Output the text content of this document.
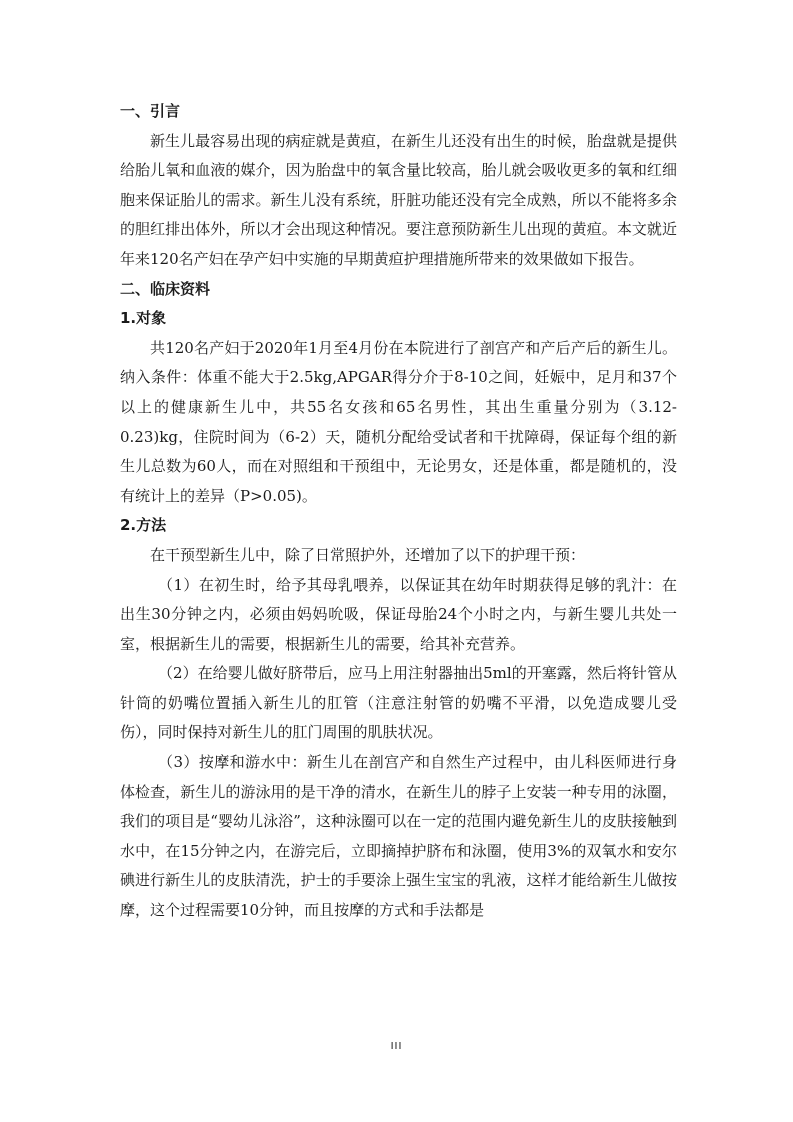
一、引言

新生儿最容易出现的病症就是黄疸，在新生儿还没有出生的时候，胎盘就是提供给胎儿氧和血液的媒介，因为胎盘中的氧含量比较高，胎儿就会吸收更多的氧和红细胞来保证胎儿的需求。新生儿没有系统，肝脏功能还没有完全成熟，所以不能将多余的胆红排出体外，所以才会出现这种情况。要注意预防新生儿出现的黄疸。本文就近年来120名产妇在孕产妇中实施的早期黄疸护理措施所带来的效果做如下报告。

二、临床资料
1.对象

共120名产妇于2020年1月至4月份在本院进行了剖宫产和产后产后的新生儿。纳入条件：体重不能大于2.5kg,APGAR得分介于8-10之间，妊娠中，足月和37个以上的健康新生儿中，共55名女孩和65名男性，其出生重量分别为（3.12-0.23)kg，住院时间为（6-2）天，随机分配给受试者和干扰障碍，保证每个组的新生儿总数为60人，而在对照组和干预组中，无论男女，还是体重，都是随机的，没有统计上的差异（P>0.05)。

2.方法

在干预型新生儿中，除了日常照护外，还增加了以下的护理干预：

（1）在初生时，给予其母乳喂养，以保证其在幼年时期获得足够的乳汁：在出生30分钟之内，必须由妈妈吮吸，保证母胎24个小时之内，与新生婴儿共处一室，根据新生儿的需要，根据新生儿的需要，给其补充营养。

（2）在给婴儿做好脐带后，应马上用注射器抽出5ml的开塞露，然后将针管从针筒的奶嘴位置插入新生儿的肛管（注意注射管的奶嘴不平滑，以免造成婴儿受伤），同时保持对新生儿的肛门周围的肌肤状况。

（3）按摩和游水中：新生儿在剖宫产和自然生产过程中，由儿科医师进行身体检查，新生儿的游泳用的是干净的清水，在新生儿的脖子上安装一种专用的泳圈，我们的项目是“婴幼儿泳浴”，这种泳圈可以在一定的范围内避免新生儿的皮肤接触到水中，在15分钟之内，在游完后，立即摘掉护脐布和泳圈，使用3%的双氧水和安尔碘进行新生儿的皮肤清洗，护士的手要涂上强生宝宝的乳液，这样才能给新生儿做按摩，这个过程需要10分钟，而且按摩的方式和手法都是

III
